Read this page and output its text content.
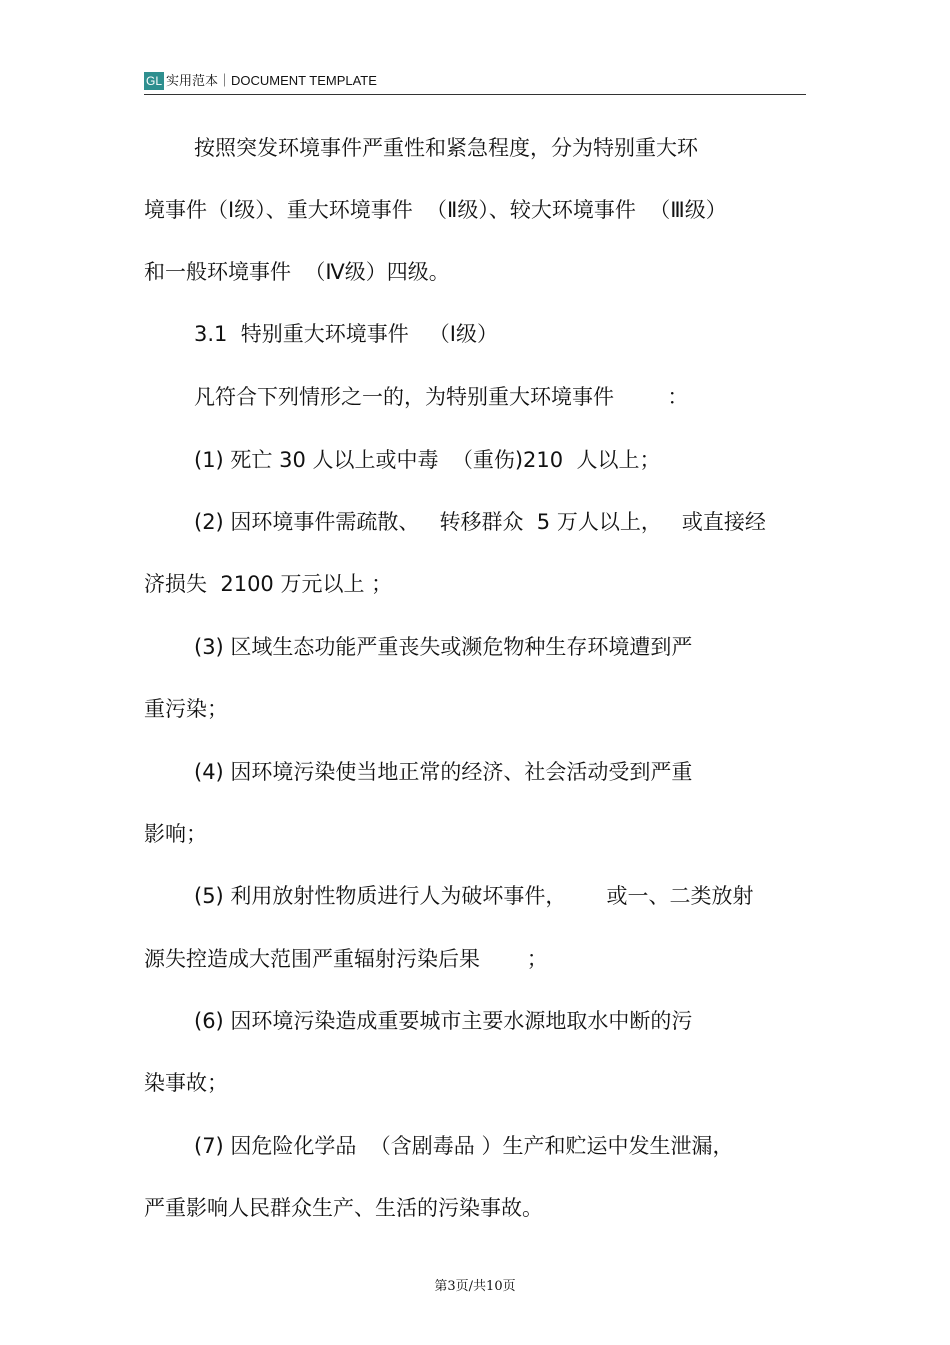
GL 实用范本｜DOCUMENT TEMPLATE
按照突发环境事件严重性和紧急程度，分为特别重大环
境事件（Ⅰ级）、重大环境事件  （Ⅱ级）、较大环境事件  （Ⅲ级）
和一般环境事件  （Ⅳ级）四级。
3.1  特别重大环境事件   （Ⅰ级）
凡符合下列情形之一的，为特别重大环境事件        ：
(1) 死亡 30 人以上或中毒  （重伤)210  人以上；
(2) 因环境事件需疏散、   转移群众  5 万人以上，   或直接经
济损失  2100 万元以上 ；
(3) 区域生态功能严重丧失或濒危物种生存环境遭到严
重污染；
(4) 因环境污染使当地正常的经济、社会活动受到严重
影响；
(5) 利用放射性物质进行人为破坏事件，      或一、二类放射
源失控造成大范围严重辐射污染后果       ；
(6) 因环境污染造成重要城市主要水源地取水中断的污
染事故；
(7) 因危险化学品  （含剧毒品 ）生产和贮运中发生泄漏，
严重影响人民群众生产、生活的污染事故。
第3页/共10页
